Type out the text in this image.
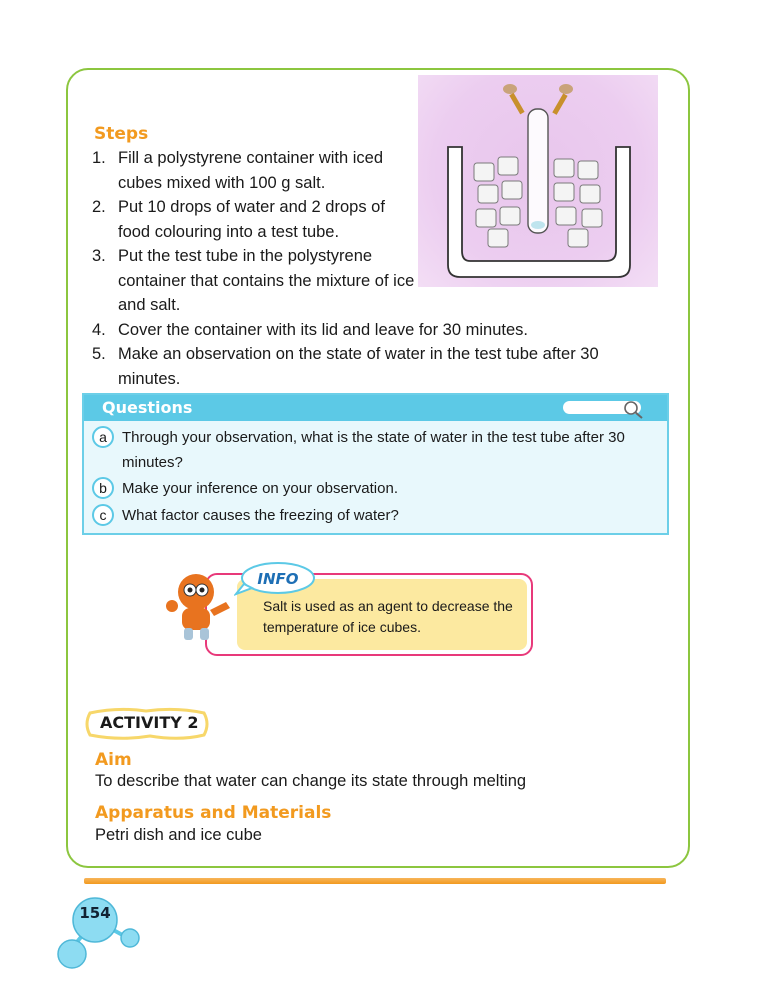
Steps
1. Fill a polystyrene container with iced cubes mixed with 100 g salt.
2. Put 10 drops of water and 2 drops of food colouring into a test tube.
3. Put the test tube in the polystyrene container that contains the mixture of ice and salt.
4. Cover the container with its lid and leave for 30 minutes.
5. Make an observation on the state of water in the test tube after 30 minutes.
Questions
a	Through your observation, what is the state of water in the test tube after 30 minutes?
b	Make your inference on your observation.
c	What factor causes the freezing of water?
Salt is used as an agent to decrease the temperature of ice cubes.
INFO
ACTIVITY 2
Aim
To describe that water can change its state through melting
Apparatus and Materials
Petri dish and ice cube
154
